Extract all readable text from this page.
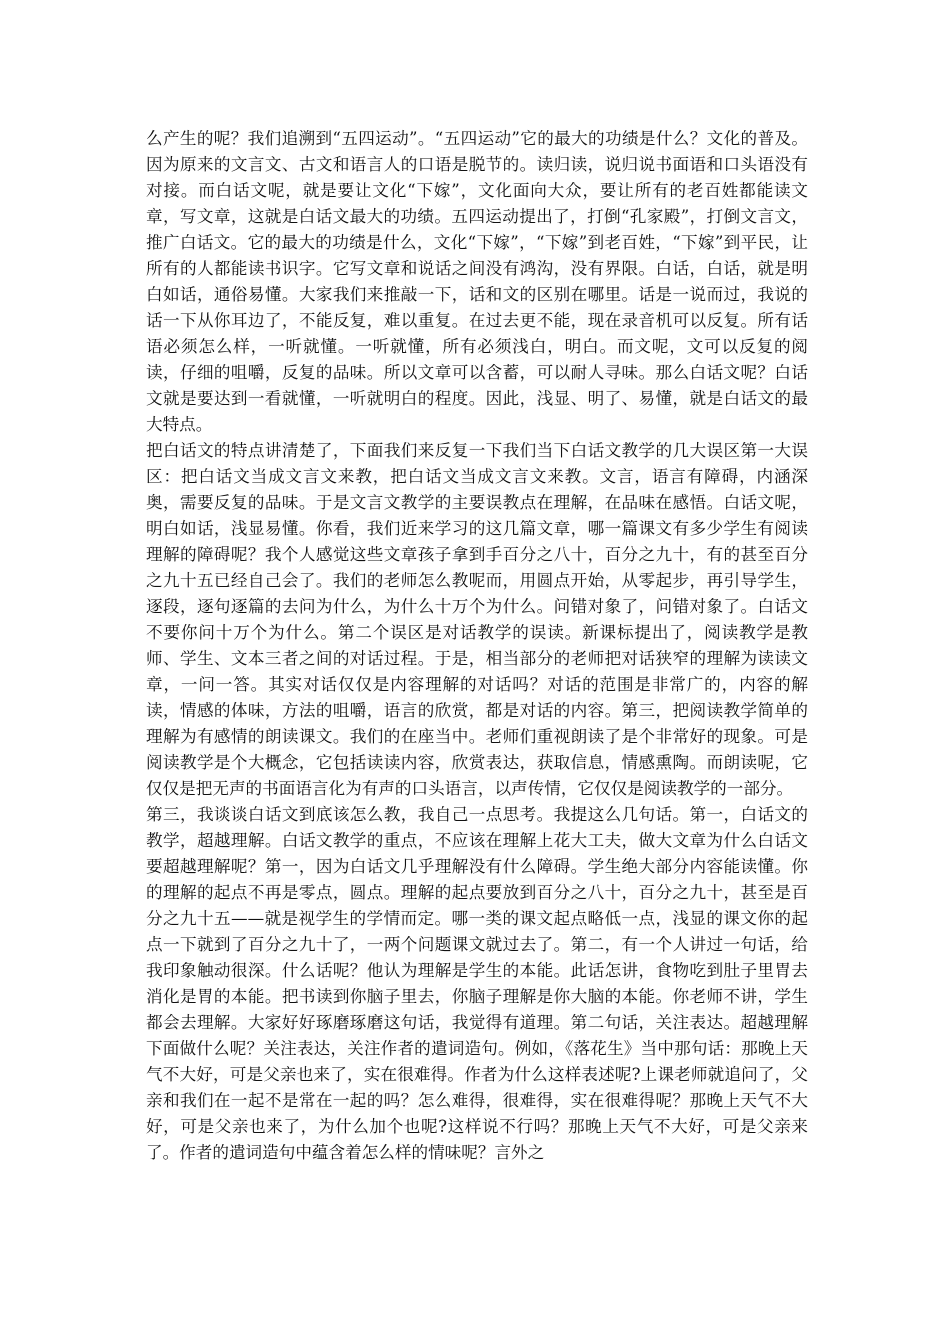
么产生的呢？我们追溯到“五四运动”。“五四运动”它的最大的功绩是什么？文化的普及。因为原来的文言文、古文和语言人的口语是脱节的。读归读，说归说书面语和口头语没有对接。而白话文呢，就是要让文化“下嫁”，文化面向大众，要让所有的老百姓都能读文章，写文章，这就是白话文最大的功绩。五四运动提出了，打倒“孔家殿”，打倒文言文，推广白话文。它的最大的功绩是什么，文化“下嫁”，“下嫁”到老百姓，“下嫁”到平民，让所有的人都能读书识字。它写文章和说话之间没有鸿沟，没有界限。白话，白话，就是明白如话，通俗易懂。大家我们来推敲一下，话和文的区别在哪里。话是一说而过，我说的话一下从你耳边了，不能反复，难以重复。在过去更不能，现在录音机可以反复。所有话语必须怎么样，一听就懂。一听就懂，所有必须浅白，明白。而文呢，文可以反复的阅读，仔细的咀嚼，反复的品味。所以文章可以含蓄，可以耐人寻味。那么白话文呢？白话文就是要达到一看就懂，一听就明白的程度。因此，浅显、明了、易懂，就是白话文的最大特点。

把白话文的特点讲清楚了，下面我们来反复一下我们当下白话文教学的几大误区第一大误区：把白话文当成文言文来教，把白话文当成文言文来教。文言，语言有障碍，内涵深奥，需要反复的品味。于是文言文教学的主要误教点在理解，在品味在感悟。白话文呢，明白如话，浅显易懂。你看，我们近来学习的这几篇文章，哪一篇课文有多少学生有阅读理解的障碍呢？我个人感觉这些文章孩子拿到手百分之八十，百分之九十，有的甚至百分之九十五已经自己会了。我们的老师怎么教呢而，用圆点开始，从零起步，再引导学生，逐段，逐句逐篇的去问为什么，为什么十万个为什么。问错对象了，问错对象了。白话文不要你问十万个为什么。第二个误区是对话教学的误读。新课标提出了，阅读教学是教师、学生、文本三者之间的对话过程。于是，相当部分的老师把对话狭窄的理解为读读文章，一问一答。其实对话仅仅是内容理解的对话吗？对话的范围是非常广的，内容的解读，情感的体味，方法的咀嚼，语言的欣赏，都是对话的内容。第三，把阅读教学简单的理解为有感情的朗读课文。我们的在座当中。老师们重视朗读了是个非常好的现象。可是阅读教学是个大概念，它包括读读内容，欣赏表达，获取信息，情感熏陶。而朗读呢，它仅仅是把无声的书面语言化为有声的口头语言，以声传情，它仅仅是阅读教学的一部分。

第三，我谈谈白话文到底该怎么教，我自己一点思考。我提这么几句话。第一，白话文的教学，超越理解。白话文教学的重点，不应该在理解上花大工夫，做大文章为什么白话文要超越理解呢？第一，因为白话文几乎理解没有什么障碍。学生绝大部分内容能读懂。你的理解的起点不再是零点，圆点。理解的起点要放到百分之八十，百分之九十，甚至是百分之九十五——就是视学生的学情而定。哪一类的课文起点略低一点，浅显的课文你的起点一下就到了百分之九十了，一两个问题课文就过去了。第二，有一个人讲过一句话，给我印象触动很深。什么话呢？他认为理解是学生的本能。此话怎讲，食物吃到肚子里胃去消化是胃的本能。把书读到你脑子里去，你脑子理解是你大脑的本能。你老师不讲，学生都会去理解。大家好好琢磨琢磨这句话，我觉得有道理。第二句话，关注表达。超越理解下面做什么呢？关注表达，关注作者的遣词造句。例如，《落花生》当中那句话：那晚上天气不大好，可是父亲也来了，实在很难得。作者为什么这样表述呢?上课老师就追问了，父亲和我们在一起不是常在一起的吗？怎么难得，很难得，实在很难得呢？那晚上天气不大好，可是父亲也来了，为什么加个也呢?这样说不行吗？那晚上天气不大好，可是父亲来了。作者的遣词造句中蕴含着怎么样的情味呢？言外之
